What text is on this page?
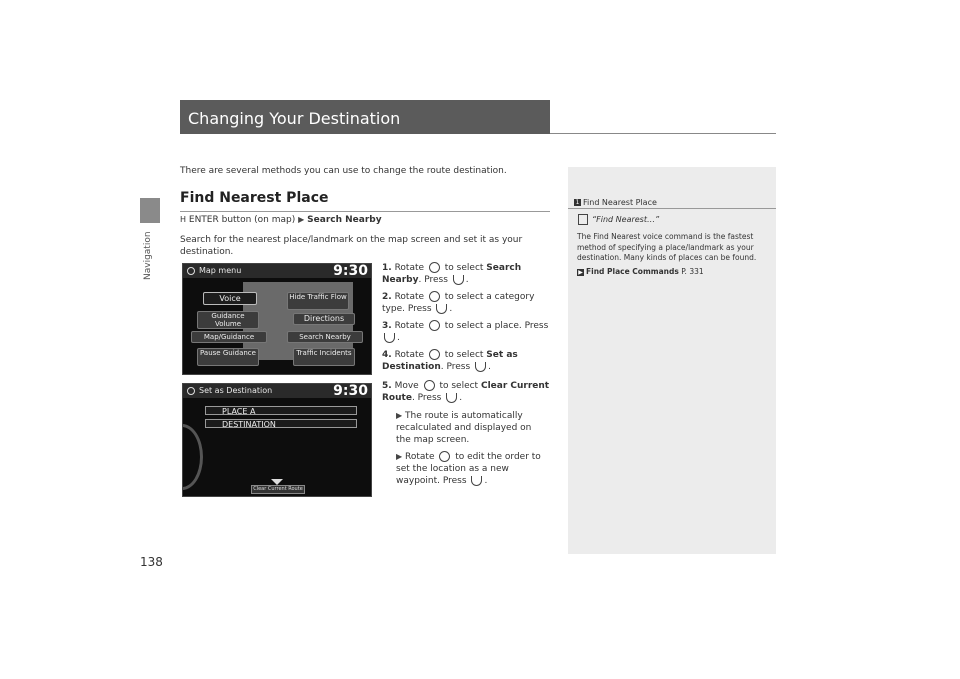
Navigation
138
Changing Your Destination
There are several methods you can use to change the route destination.
Find Nearest Place
H ENTER button (on map) ▶ Search Nearby
Search for the nearest place/landmark on the map screen and set it as your destination.
Map menu	9:30
Voice
Guidance Volume
Map/Guidance
Pause Guidance
Hide Traffic Flow
Directions
Search Nearby
Traffic Incidents
Set as Destination	9:30
PLACE A
DESTINATION
Clear Current Route
1. Rotate to select Search Nearby. Press .
2. Rotate to select a category type. Press .
3. Rotate to select a place. Press .
4. Rotate to select Set as Destination. Press .
5. Move to select Clear Current Route. Press .
▶ The route is automatically recalculated and displayed on the map screen.
▶ Rotate to edit the order to set the location as a new waypoint. Press .
1 Find Nearest Place
“Find Nearest…”
The Find Nearest voice command is the fastest method of specifying a place/landmark as your destination. Many kinds of places can be found.
▶ Find Place Commands P. 331
